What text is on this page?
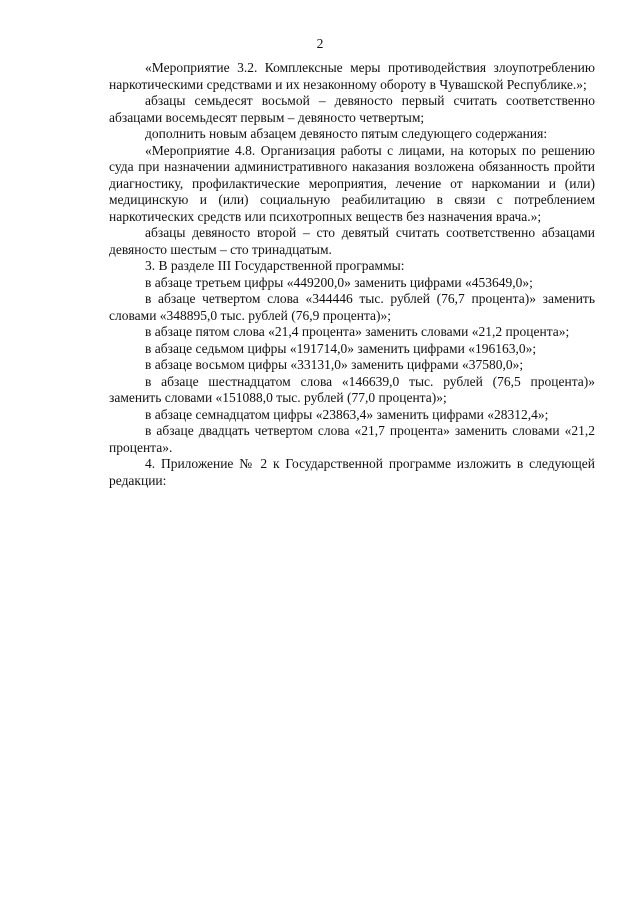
2

«Мероприятие 3.2. Комплексные меры противодействия злоупотреблению наркотическими средствами и их незаконному обороту в Чувашской Республике.»;

абзацы семьдесят восьмой – девяносто первый считать соответственно абзацами восемьдесят первым – девяносто четвертым;

дополнить новым абзацем девяносто пятым следующего содержания:

«Мероприятие 4.8. Организация работы с лицами, на которых по решению суда при назначении административного наказания возложена обязанность пройти диагностику, профилактические мероприятия, лечение от наркомании и (или) медицинскую и (или) социальную реабилитацию в связи с потреблением наркотических средств или психотропных веществ без назначения врача.»;

абзацы девяносто второй – сто девятый считать соответственно абзацами девяносто шестым – сто тринадцатым.

3. В разделе III Государственной программы:

в абзаце третьем цифры «449200,0» заменить цифрами «453649,0»;

в абзаце четвертом слова «344446 тыс. рублей (76,7 процента)» заменить словами «348895,0 тыс. рублей (76,9 процента)»;

в абзаце пятом слова «21,4 процента» заменить словами «21,2 процента»;

в абзаце седьмом цифры «191714,0» заменить цифрами «196163,0»;

в абзаце восьмом цифры «33131,0» заменить цифрами «37580,0»;

в абзаце шестнадцатом слова «146639,0 тыс. рублей (76,5 процента)» заменить словами «151088,0 тыс. рублей (77,0 процента)»;

в абзаце семнадцатом цифры «23863,4» заменить цифрами «28312,4»;

в абзаце двадцать четвертом слова «21,7 процента» заменить словами «21,2 процента».

4. Приложение № 2 к Государственной программе изложить в следующей редакции:
